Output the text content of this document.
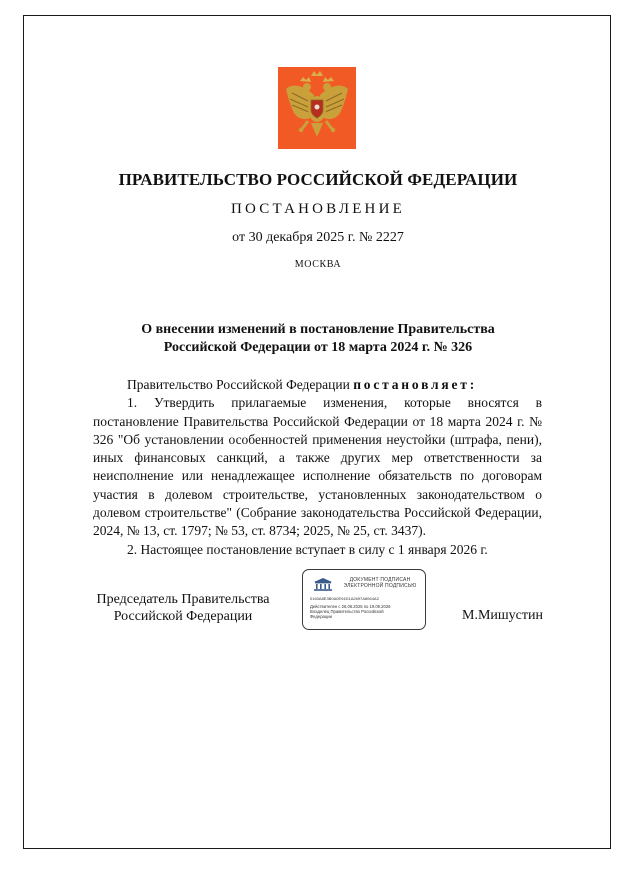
ПРАВИТЕЛЬСТВО РОССИЙСКОЙ ФЕДЕРАЦИИ
ПОСТАНОВЛЕНИЕ
от 30 декабря 2025 г. № 2227
МОСКВА
О внесении изменений в постановление Правительства
Российской Федерации от 18 марта 2024 г. № 326

Правительство Российской Федерации постановляет:

1. Утвердить прилагаемые изменения, которые вносятся в постановление Правительства Российской Федерации от 18 марта 2024 г. № 326 "Об установлении особенностей применения неустойки (штрафа, пени), иных финансовых санкций, а также других мер ответственности за неисполнение или ненадлежащее исполнение обязательств по договорам участия в долевом строительстве, установленных законодательством о долевом строительстве" (Собрание законодательства Российской Федерации, 2024, № 13, ст. 1797; № 53, ст. 8734; 2025, № 25, ст. 3437).

2. Настоящее постановление вступает в силу с 1 января 2026 г.

Председатель Правительства
Российской Федерации
ДОКУМЕНТ ПОДПИСАН
ЭЛЕКТРОННОЙ ПОДПИСЬЮ
0163A8E3B0A0E94D1A2697A8064A3
Действителен с 26.06.2025 по 19.09.2026
Владелец Правительство Российской
Федерации	М.Мишустин
